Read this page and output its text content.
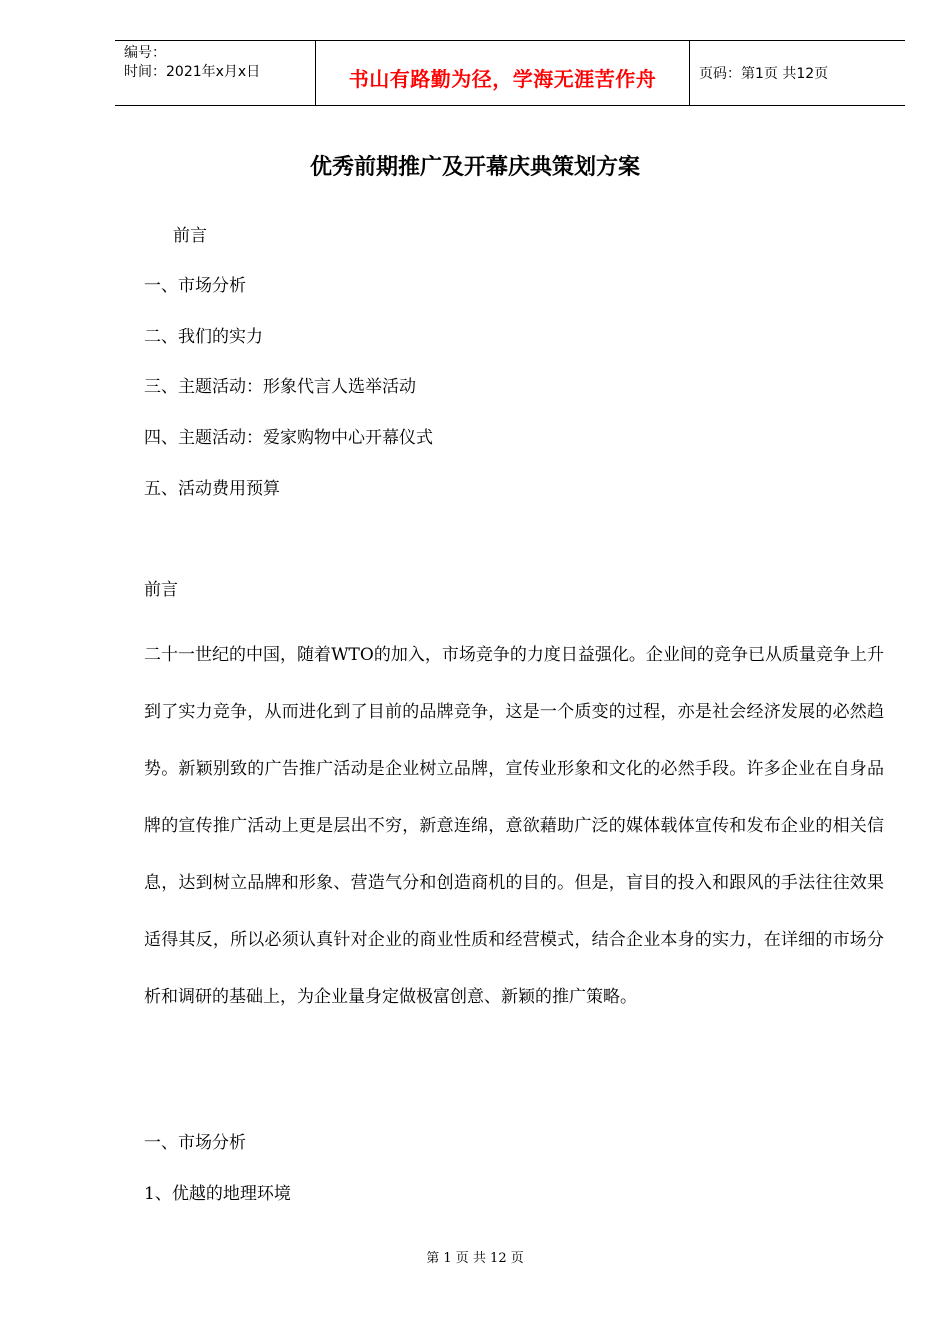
编号：
时间：2021年x月x日	书山有路勤为径，学海无涯苦作舟	页码：第1页 共12页
优秀前期推广及开幕庆典策划方案
前言
一、市场分析
二、我们的实力
三、主题活动：形象代言人选举活动
四、主题活动：爱家购物中心开幕仪式
五、活动费用预算
前言
二十一世纪的中国，随着WTO的加入，市场竞争的力度日益强化。企业间的竞争已从质量竞争上升到了实力竞争，从而进化到了目前的品牌竞争，这是一个质变的过程，亦是社会经济发展的必然趋势。新颖别致的广告推广活动是企业树立品牌，宣传业形象和文化的必然手段。许多企业在自身品牌的宣传推广活动上更是层出不穷，新意连绵，意欲藉助广泛的媒体载体宣传和发布企业的相关信息，达到树立品牌和形象、营造气分和创造商机的目的。但是，盲目的投入和跟风的手法往往效果适得其反，所以必须认真针对企业的商业性质和经营模式，结合企业本身的实力，在详细的市场分析和调研的基础上，为企业量身定做极富创意、新颖的推广策略。
一、市场分析
1、优越的地理环境
第 1 页 共 12 页
